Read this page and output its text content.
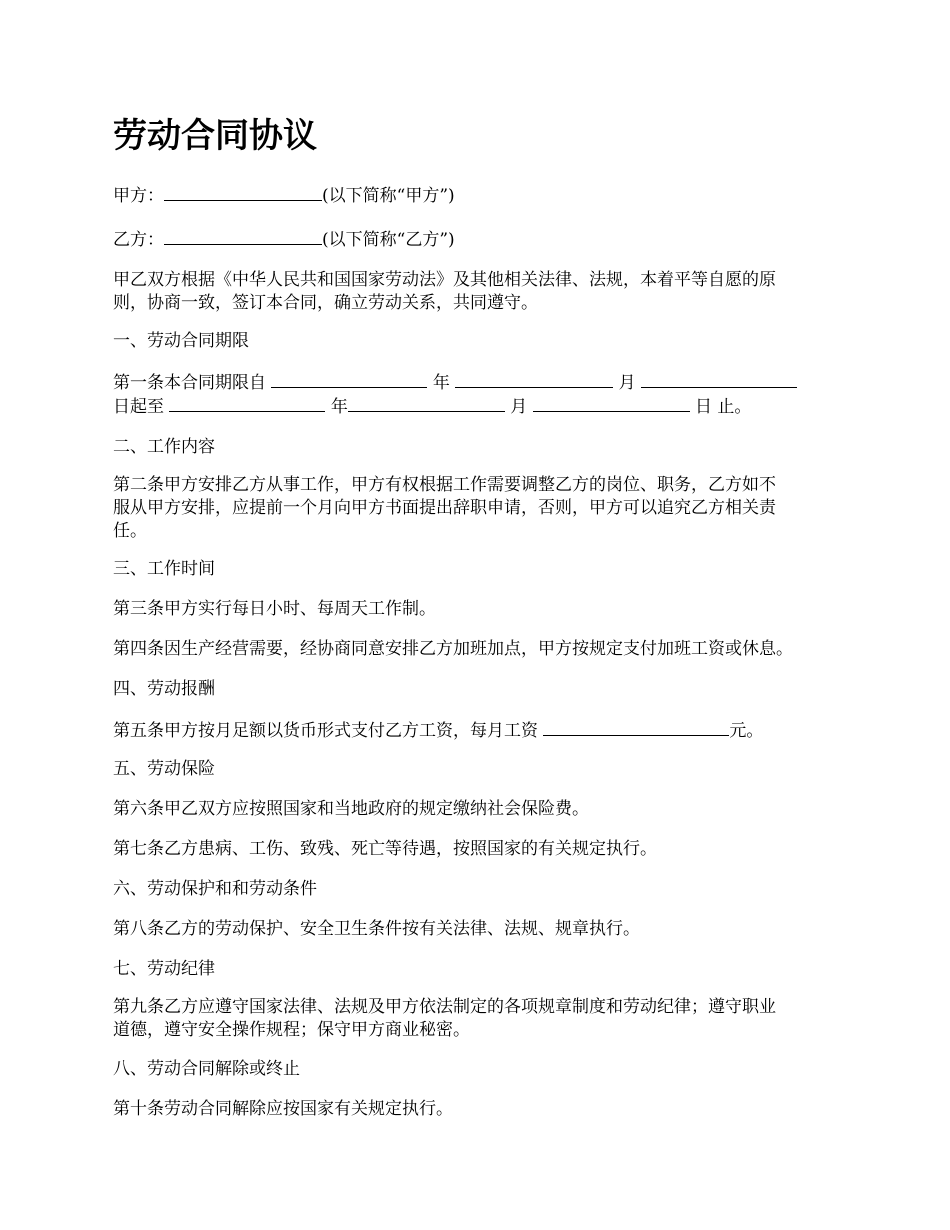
劳动合同协议

甲方：	(以下简称“甲方”)

乙方：	(以下简称“乙方”)

甲乙双方根据《中华人民共和国国家劳动法》及其他相关法律、法规，本着平等自愿的原

则，协商一致，签订本合同，确立劳动关系，共同遵守。

一、劳动合同期限

第一条本合同期限自	年	月

日起至	年	月	日 止。

二、工作内容

第二条甲方安排乙方从事工作，甲方有权根据工作需要调整乙方的岗位、职务，乙方如不

服从甲方安排，应提前一个月向甲方书面提出辞职申请，否则，甲方可以追究乙方相关责

任。

三、工作时间

第三条甲方实行每日小时、每周天工作制。

第四条因生产经营需要，经协商同意安排乙方加班加点，甲方按规定支付加班工资或休息。

四、劳动报酬

第五条甲方按月足额以货币形式支付乙方工资，每月工资	元。

五、劳动保险

第六条甲乙双方应按照国家和当地政府的规定缴纳社会保险费。

第七条乙方患病、工伤、致残、死亡等待遇，按照国家的有关规定执行。

六、劳动保护和和劳动条件

第八条乙方的劳动保护、安全卫生条件按有关法律、法规、规章执行。

七、劳动纪律

第九条乙方应遵守国家法律、法规及甲方依法制定的各项规章制度和劳动纪律；遵守职业

道德，遵守安全操作规程；保守甲方商业秘密。

八、劳动合同解除或终止

第十条劳动合同解除应按国家有关规定执行。
